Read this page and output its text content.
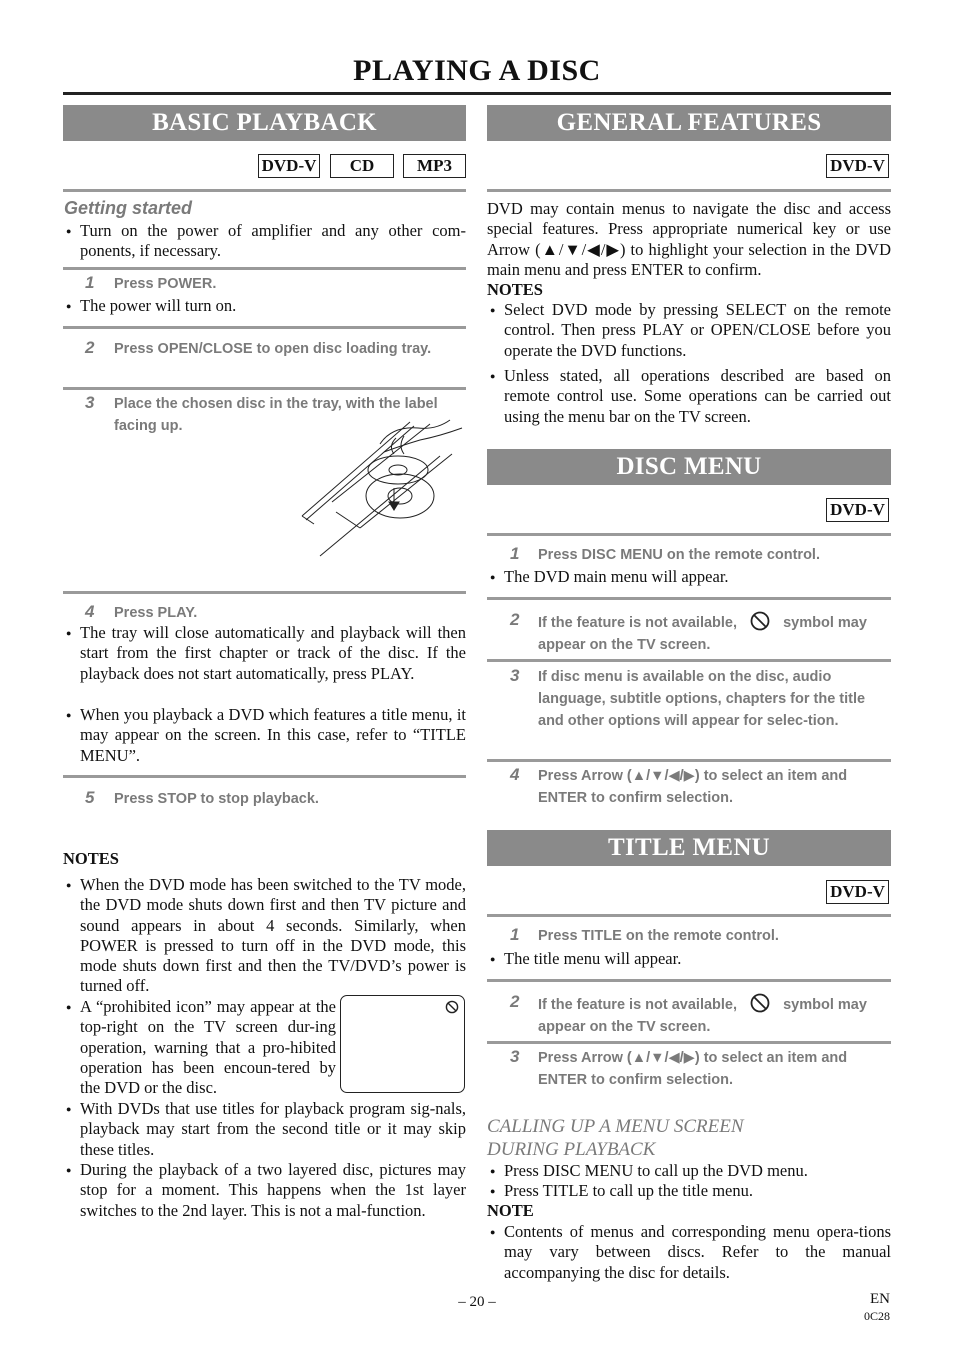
PLAYING A DISC
BASIC PLAYBACK
DVD-V	CD	MP3
Getting started
● Turn on the power of amplifier and any other com-ponents, if necessary.
1 Press POWER.
● The power will turn on.
2 Press OPEN/CLOSE to open disc loading tray.
3 Place the chosen disc in the tray, with the label facing up.
4 Press PLAY.
● The tray will close automatically and playback will then start from the first chapter or track of the disc. If the playback does not start automatically, press PLAY.
● When you playback a DVD which features a title menu, it may appear on the screen. In this case, refer to “TITLE MENU”.
5 Press STOP to stop playback.
NOTES
● When the DVD mode has been switched to the TV mode, the DVD mode shuts down first and then TV picture and sound appears in about 4 seconds. Similarly, when POWER is pressed to turn off in the DVD mode, this mode shuts down first and then the TV/DVD’s power is turned off.
● A “prohibited icon” may appear at the top-right on the TV screen dur-ing operation, warning that a pro-hibited operation has been encoun-tered by the DVD or the disc.
● With DVDs that use titles for playback program sig-nals, playback may start from the second title or it may skip these titles.
● During the playback of a two layered disc, pictures may stop for a moment. This happens when the 1st layer switches to the 2nd layer. This is not a mal-function.
GENERAL FEATURES
DVD-V
DVD may contain menus to navigate the disc and access special features. Press appropriate numerical key or use Arrow (▲/▼/◀/▶) to highlight your selection in the DVD main menu and press ENTER to confirm.
NOTES
● Select DVD mode by pressing SELECT on the remote control. Then press PLAY or OPEN/CLOSE before you operate the DVD functions.
● Unless stated, all operations described are based on remote control use. Some operations can be carried out using the menu bar on the TV screen.
DISC MENU
DVD-V
1 Press DISC MENU on the remote control.
● The DVD main menu will appear.
2 If the feature is not available,	symbol may appear on the TV screen.
3 If disc menu is available on the disc, audio language, subtitle options, chapters for the title and other options will appear for selec-tion.
4 Press Arrow (▲/▼/◀/▶) to select an item and ENTER to confirm selection.
TITLE MENU
DVD-V
1 Press TITLE on the remote control.
● The title menu will appear.
2 If the feature is not available,	symbol may appear on the TV screen.
3 Press Arrow (▲/▼/◀/▶) to select an item and ENTER to confirm selection.
CALLING UP A MENU SCREEN
DURING PLAYBACK
● Press DISC MENU to call up the DVD menu.
● Press TITLE to call up the title menu.
NOTE
● Contents of menus and corresponding menu opera-tions may vary between discs. Refer to the manual accompanying the disc for details.
– 20 –	EN
0C28
